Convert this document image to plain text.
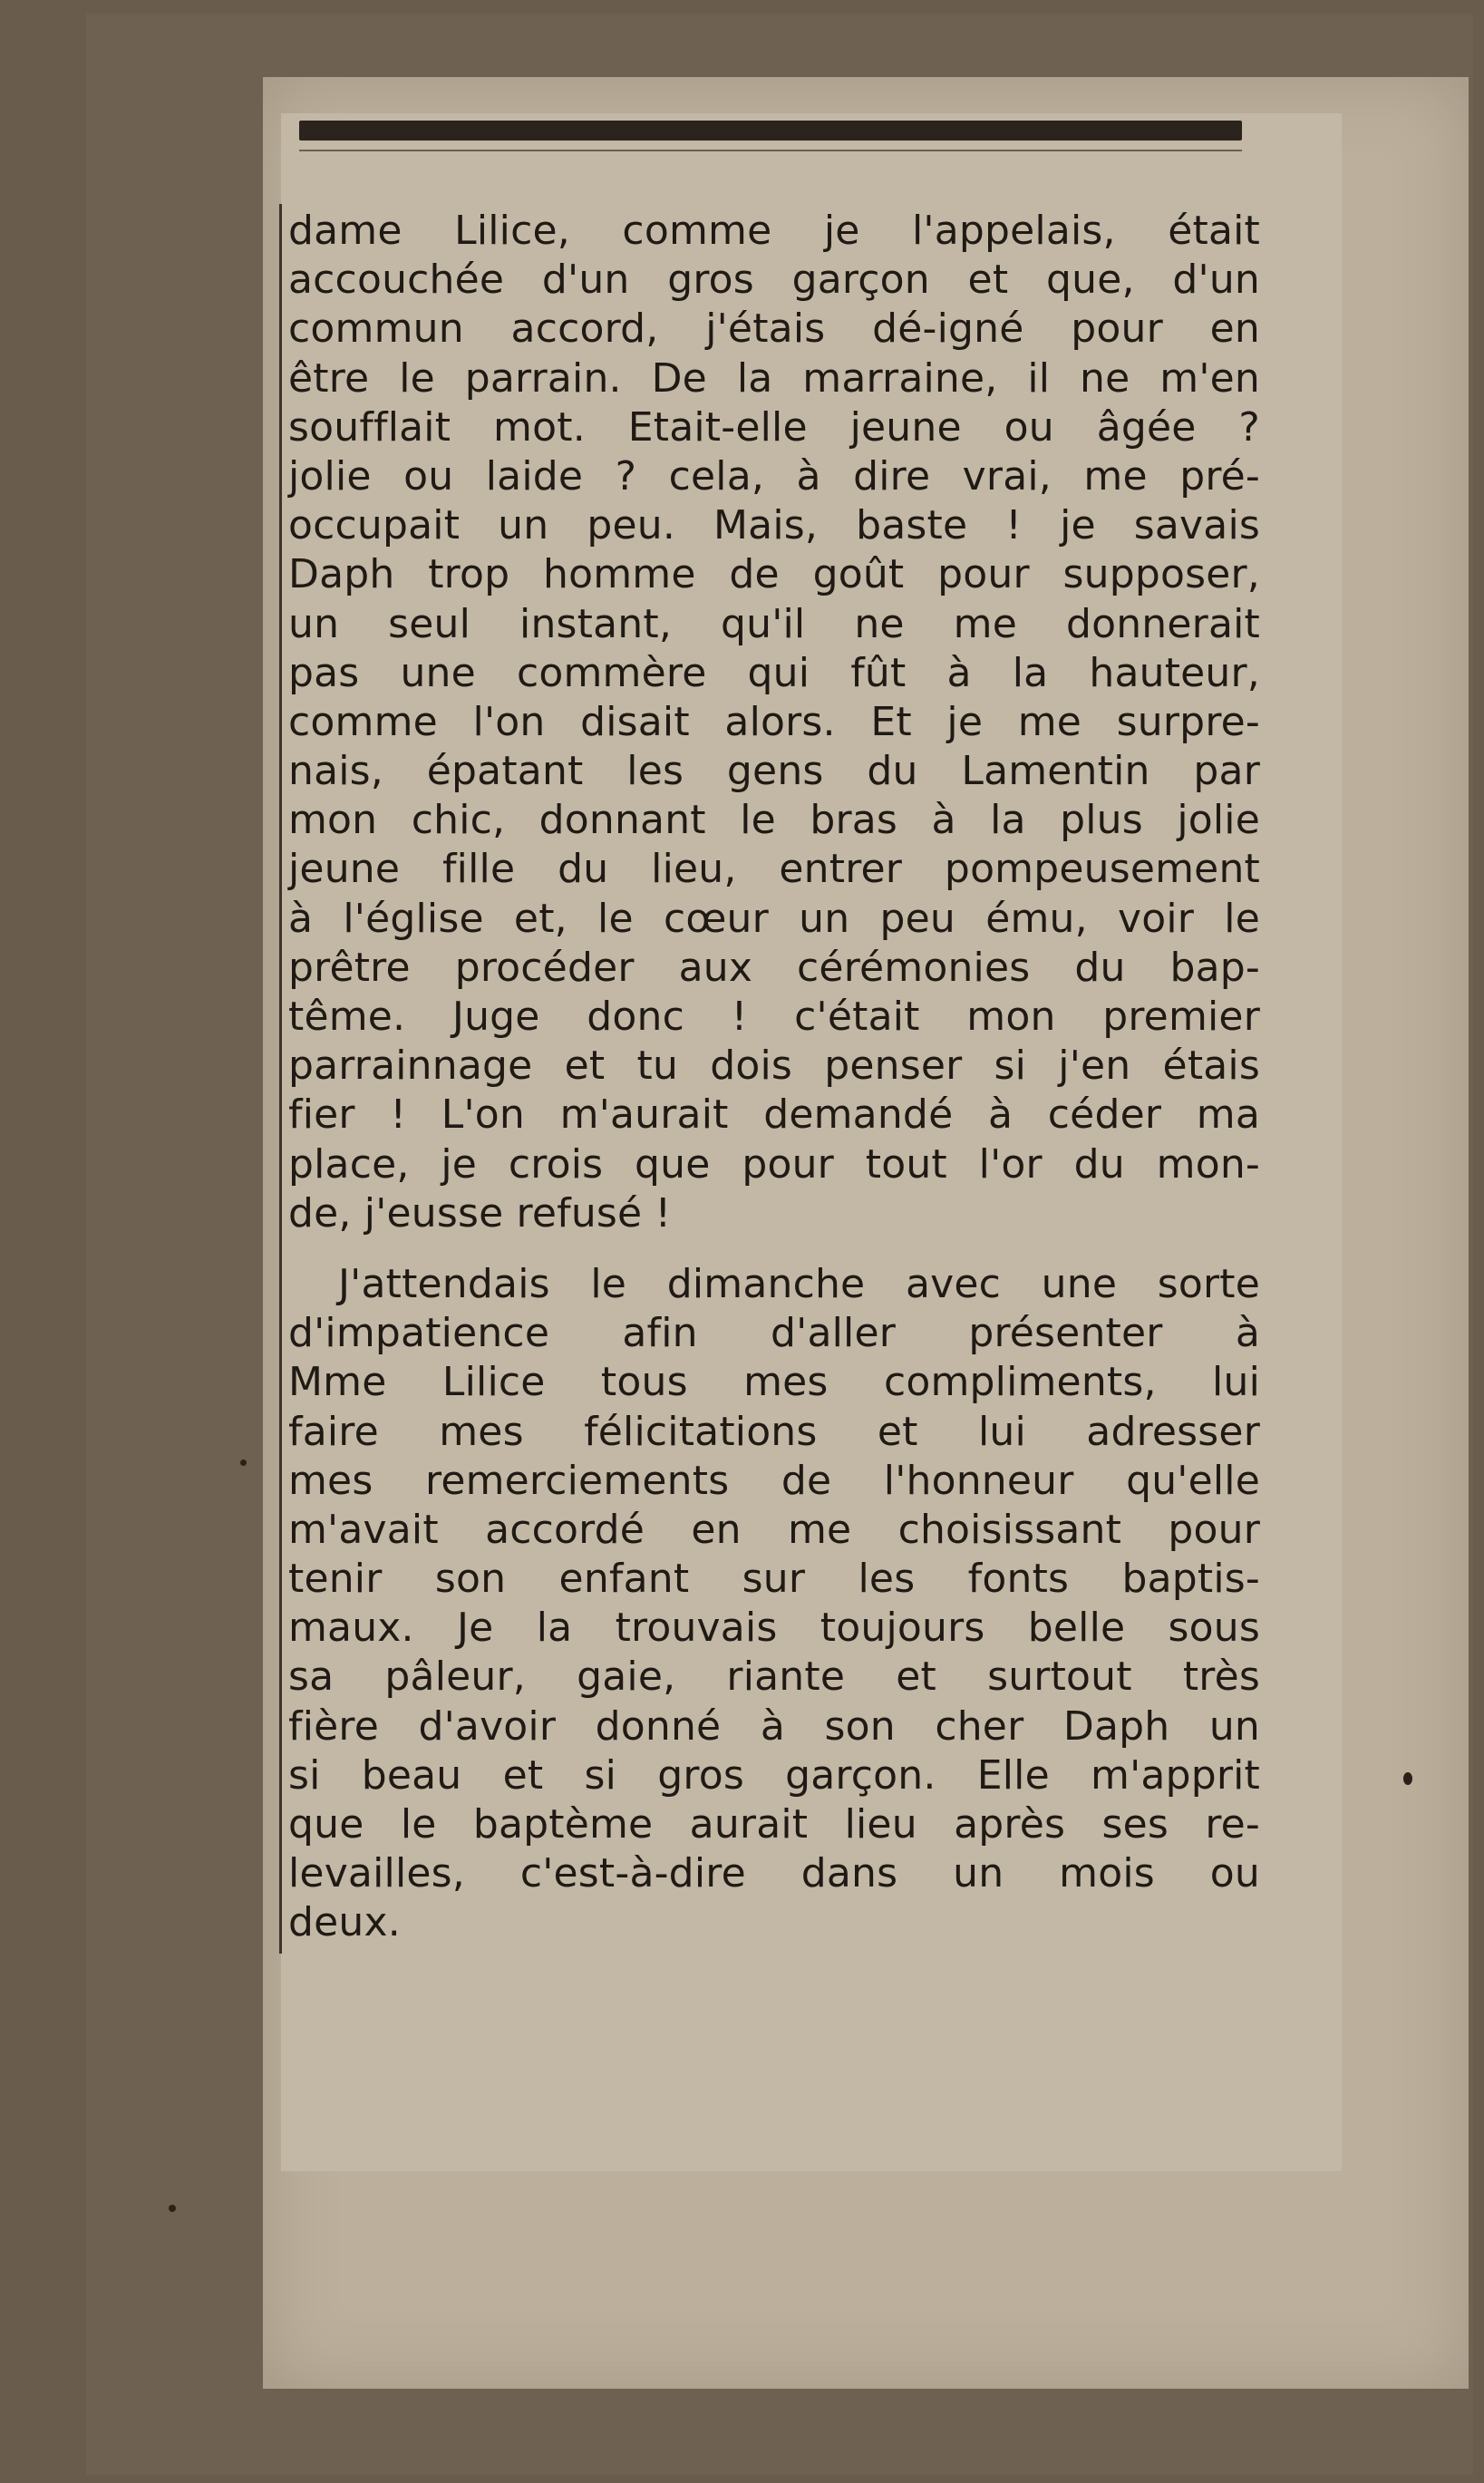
dame Lilice, comme je l'appelais, était
accouchée d'un gros garçon et que, d'un
commun accord, j'étais dé-igné pour en
être le parrain. De la marraine, il ne m'en
soufflait mot. Etait-elle jeune ou âgée ?
jolie ou laide ? cela, à dire vrai, me pré-
occupait un peu. Mais, baste ! je savais
Daph trop homme de goût pour supposer,
un seul instant, qu'il ne me donnerait
pas une commère qui fût à la hauteur,
comme l'on disait alors. Et je me surpre-
nais, épatant les gens du Lamentin par
mon chic, donnant le bras à la plus jolie
jeune fille du lieu, entrer pompeusement
à l'église et, le cœur un peu ému, voir le
prêtre procéder aux cérémonies du bap-
tême. Juge donc ! c'était mon premier
parrainnage et tu dois penser si j'en étais
fier ! L'on m'aurait demandé à céder ma
place, je crois que pour tout l'or du mon-
de, j'eusse refusé !
J'attendais le dimanche avec une sorte
d'impatience afin d'aller présenter à
Mme Lilice tous mes compliments, lui
faire mes félicitations et lui adresser
mes remerciements de l'honneur qu'elle
m'avait accordé en me choisissant pour
tenir son enfant sur les fonts baptis-
maux. Je la trouvais toujours belle sous
sa pâleur, gaie, riante et surtout très
fière d'avoir donné à son cher Daph un
si beau et si gros garçon. Elle m'apprit
que le baptème aurait lieu après ses re-
levailles, c'est-à-dire dans un mois ou
deux.
